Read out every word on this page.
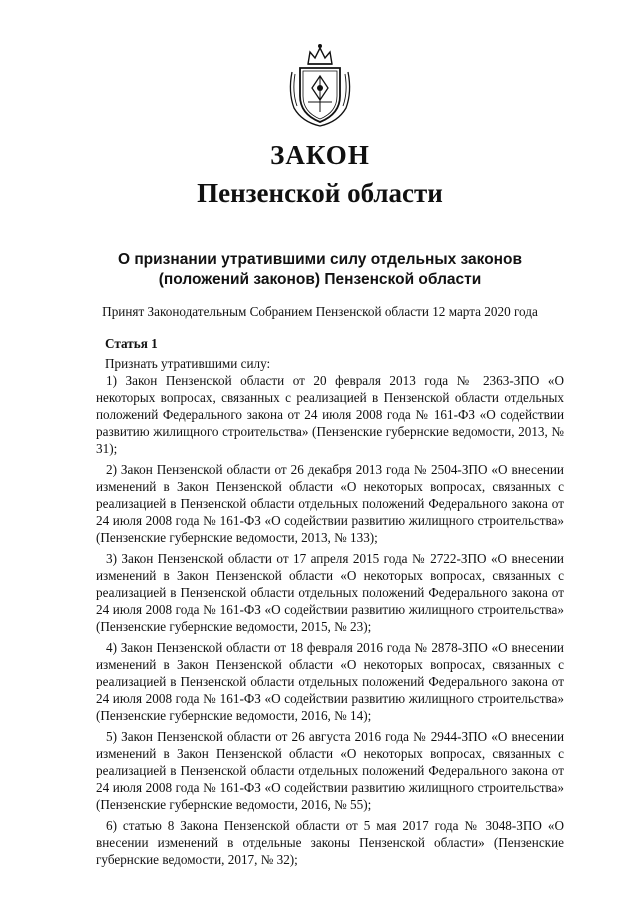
ЗАКОН
Пензенской области
О признании утратившими силу отдельных законов
(положений законов) Пензенской области

Принят Законодательным Собранием Пензенской области 12 марта 2020 года

Статья 1

Признать утратившими силу:

1) Закон Пензенской области от 20 февраля 2013 года № 2363-ЗПО «О некоторых вопросах, связанных с реализацией в Пензенской области отдельных положений Федерального закона от 24 июля 2008 года № 161-ФЗ «О содействии развитию жилищного строительства» (Пензенские губернские ведомости, 2013, № 31);

2) Закон Пензенской области от 26 декабря 2013 года № 2504-ЗПО «О внесении изменений в Закон Пензенской области «О некоторых вопросах, связанных с реализацией в Пензенской области отдельных положений Федерального закона от 24 июля 2008 года № 161-ФЗ «О содействии развитию жилищного строительства» (Пензенские губернские ведомости, 2013, № 133);

3) Закон Пензенской области от 17 апреля 2015 года № 2722-ЗПО «О внесении изменений в Закон Пензенской области «О некоторых вопросах, связанных с реализацией в Пензенской области отдельных положений Федерального закона от 24 июля 2008 года № 161-ФЗ «О содействии развитию жилищного строительства» (Пензенские губернские ведомости, 2015, № 23);

4) Закон Пензенской области от 18 февраля 2016 года № 2878-ЗПО «О внесении изменений в Закон Пензенской области «О некоторых вопросах, связанных с реализацией в Пензенской области отдельных положений Федерального закона от 24 июля 2008 года № 161-ФЗ «О содействии развитию жилищного строительства» (Пензенские губернские ведомости, 2016, № 14);

5) Закон Пензенской области от 26 августа 2016 года № 2944-ЗПО «О внесении изменений в Закон Пензенской области «О некоторых вопросах, связанных с реализацией в Пензенской области отдельных положений Федерального закона от 24 июля 2008 года № 161-ФЗ «О содействии развитию жилищного строительства» (Пензенские губернские ведомости, 2016, № 55);

6) статью 8 Закона Пензенской области от 5 мая 2017 года № 3048-ЗПО «О внесении изменений в отдельные законы Пензенской области» (Пензенские губернские ведомости, 2017, № 32);
